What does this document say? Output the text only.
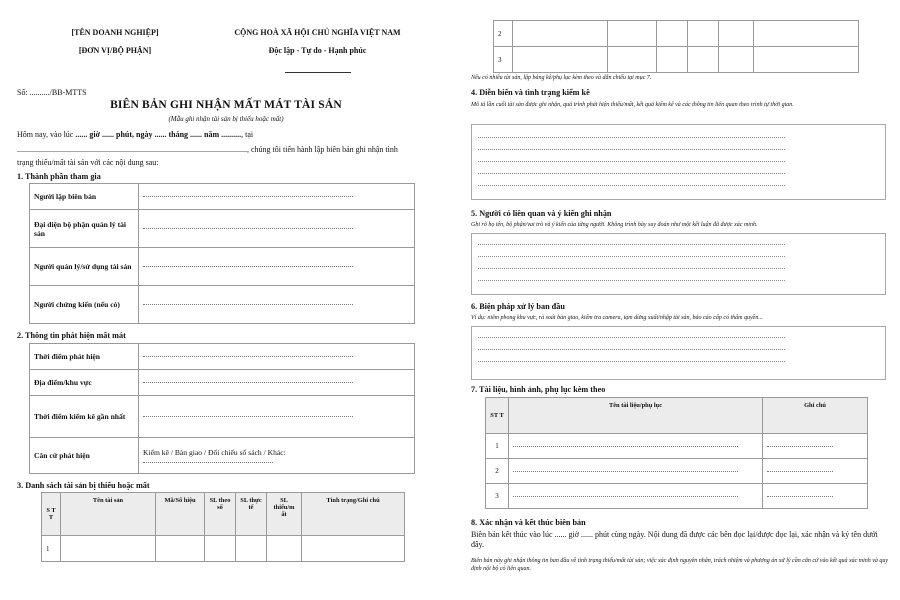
[TÊN DOANH NGHIỆP]
[ĐƠN VỊ/BỘ PHẬN]
CỘNG HOÀ XÃ HỘI CHỦ NGHĨA VIỆT NAM
Độc lập - Tự do - Hạnh phúc
Số: ........../BB-MTTS
BIÊN BẢN GHI NHẬN MẤT MÁT TÀI SẢN
(Mẫu ghi nhận tài sản bị thiếu hoặc mất)
Hôm nay, vào lúc ...... giờ ...... phút, ngày ...... tháng ...... năm .........., tại
..................................................................................................................., chúng tôi tiến hành lập biên bản ghi nhận tình
trạng thiếu/mất tài sản với các nội dung sau:
1. Thành phần tham gia
Người lập biên bản	

Đại diện bộ phận quản lý tài sản	

Người quản lý/sử dụng tài sản	

Người chứng kiến (nếu có)	
2. Thông tin phát hiện mất mát
Thời điểm phát hiện	

Địa điểm/khu vực	

Thời điểm kiểm kê gần nhất	

Căn cứ phát hiện	Kiểm kê / Bàn giao / Đối chiếu sổ sách / Khác:
3. Danh sách tài sản bị thiếu hoặc mất
S T T	Tên tài sản	Mã/Số hiệu	SL theo sổ	SL thực tế	SL thiếu/m ất	Tình trạng/Ghi chú
1						
2						
3						
Nếu có nhiều tài sản, lập bảng kê/phụ lục kèm theo và dẫn chiếu tại mục 7.
4. Diễn biến và tình trạng kiểm kê
Mô tả lần cuối tài sản được ghi nhận, quá trình phát hiện thiếu/mất, kết quả kiểm kê và các thông tin liên quan theo trình tự thời gian.
5. Người có liên quan và ý kiến ghi nhận
Ghi rõ họ tên, bộ phận/vai trò và ý kiến của từng người. Không trình bày suy đoán như một kết luận đã được xác minh.
6. Biện pháp xử lý ban đầu
Ví dụ: niêm phong khu vực, rà soát bàn giao, kiểm tra camera, tạm dừng xuất/nhập tài sản, báo cáo cấp có thẩm quyền...
7. Tài liệu, hình ảnh, phụ lục kèm theo
ST T	Tên tài liệu/phụ lục	Ghi chú
1	

2	

3	

8. Xác nhận và kết thúc biên bản
Biên bản kết thúc vào lúc ...... giờ ...... phút cùng ngày. Nội dung đã được các bên đọc lại/được đọc lại, xác nhận và ký tên dưới đây.
Biên bản này ghi nhận thông tin ban đầu về tình trạng thiếu/mất tài sản; việc xác định nguyên nhân, trách nhiệm và phương án xử lý cần căn cứ vào kết quả xác minh và quy định nội bộ có liên quan.
